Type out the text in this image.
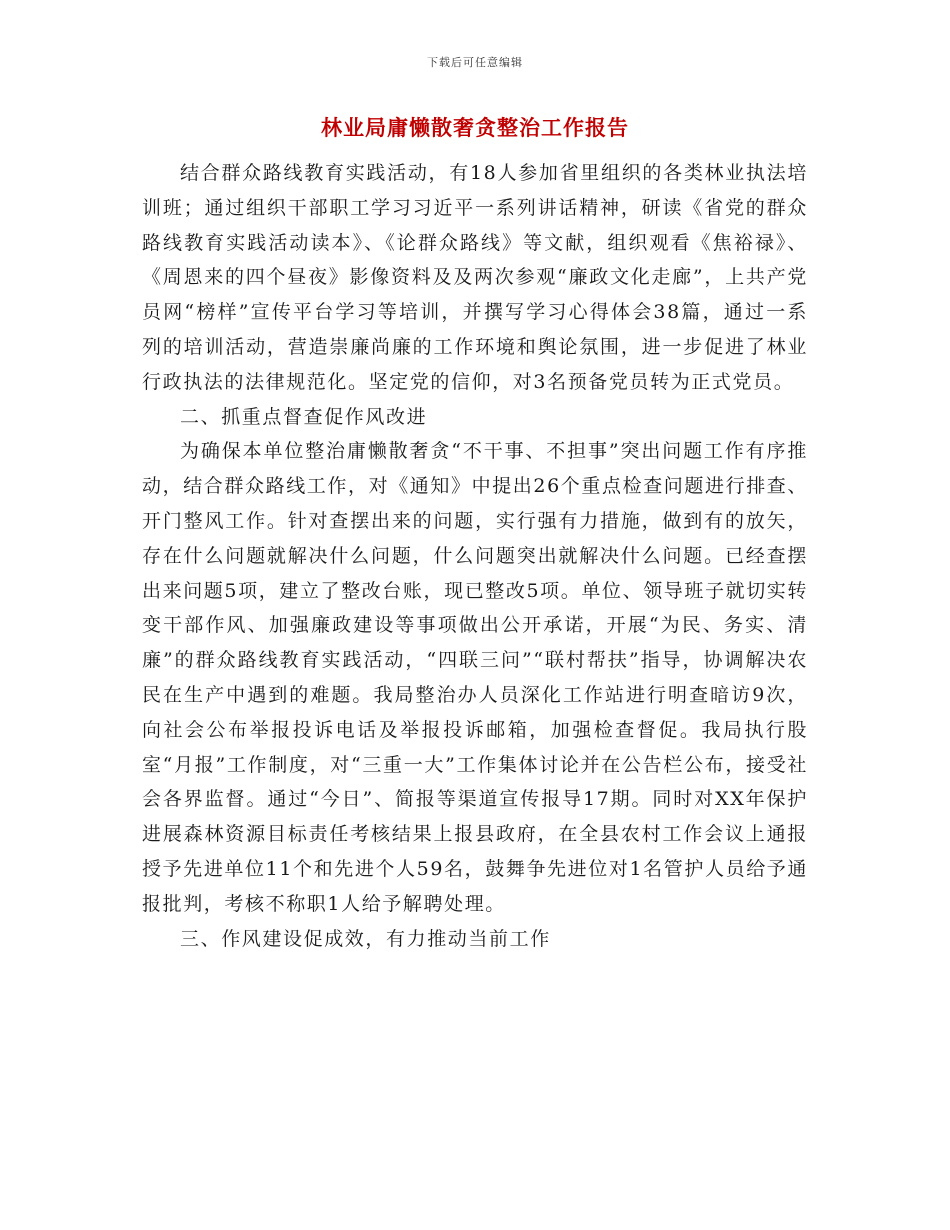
下载后可任意编辑
林业局庸懒散奢贪整治工作报告

结合群众路线教育实践活动，有18人参加省里组织的各类林业执法培训班；通过组织干部职工学习习近平一系列讲话精神，研读《省党的群众路线教育实践活动读本》、《论群众路线》等文献，组织观看《焦裕禄》、《周恩来的四个昼夜》影像资料及及两次参观“廉政文化走廊”，上共产党员网“榜样”宣传平台学习等培训，并撰写学习心得体会38篇，通过一系列的培训活动，营造崇廉尚廉的工作环境和舆论氛围，进一步促进了林业行政执法的法律规范化。坚定党的信仰，对3名预备党员转为正式党员。

二、抓重点督查促作风改进

为确保本单位整治庸懒散奢贪“不干事、不担事”突出问题工作有序推动，结合群众路线工作，对《通知》中提出26个重点检查问题进行排查、开门整风工作。针对查摆出来的问题，实行强有力措施，做到有的放矢，存在什么问题就解决什么问题，什么问题突出就解决什么问题。已经查摆出来问题5项，建立了整改台账，现已整改5项。单位、领导班子就切实转变干部作风、加强廉政建设等事项做出公开承诺，开展“为民、务实、清廉”的群众路线教育实践活动，“四联三问”“联村帮扶”指导，协调解决农民在生产中遇到的难题。我局整治办人员深化工作站进行明查暗访9次，向社会公布举报投诉电话及举报投诉邮箱，加强检查督促。我局执行股室“月报”工作制度，对“三重一大”工作集体讨论并在公告栏公布，接受社会各界监督。通过“今日”、简报等渠道宣传报导17期。同时对XX年保护进展森林资源目标责任考核结果上报县政府，在全县农村工作会议上通报授予先进单位11个和先进个人59名，鼓舞争先进位对1名管护人员给予通报批判，考核不称职1人给予解聘处理。

三、作风建设促成效，有力推动当前工作
